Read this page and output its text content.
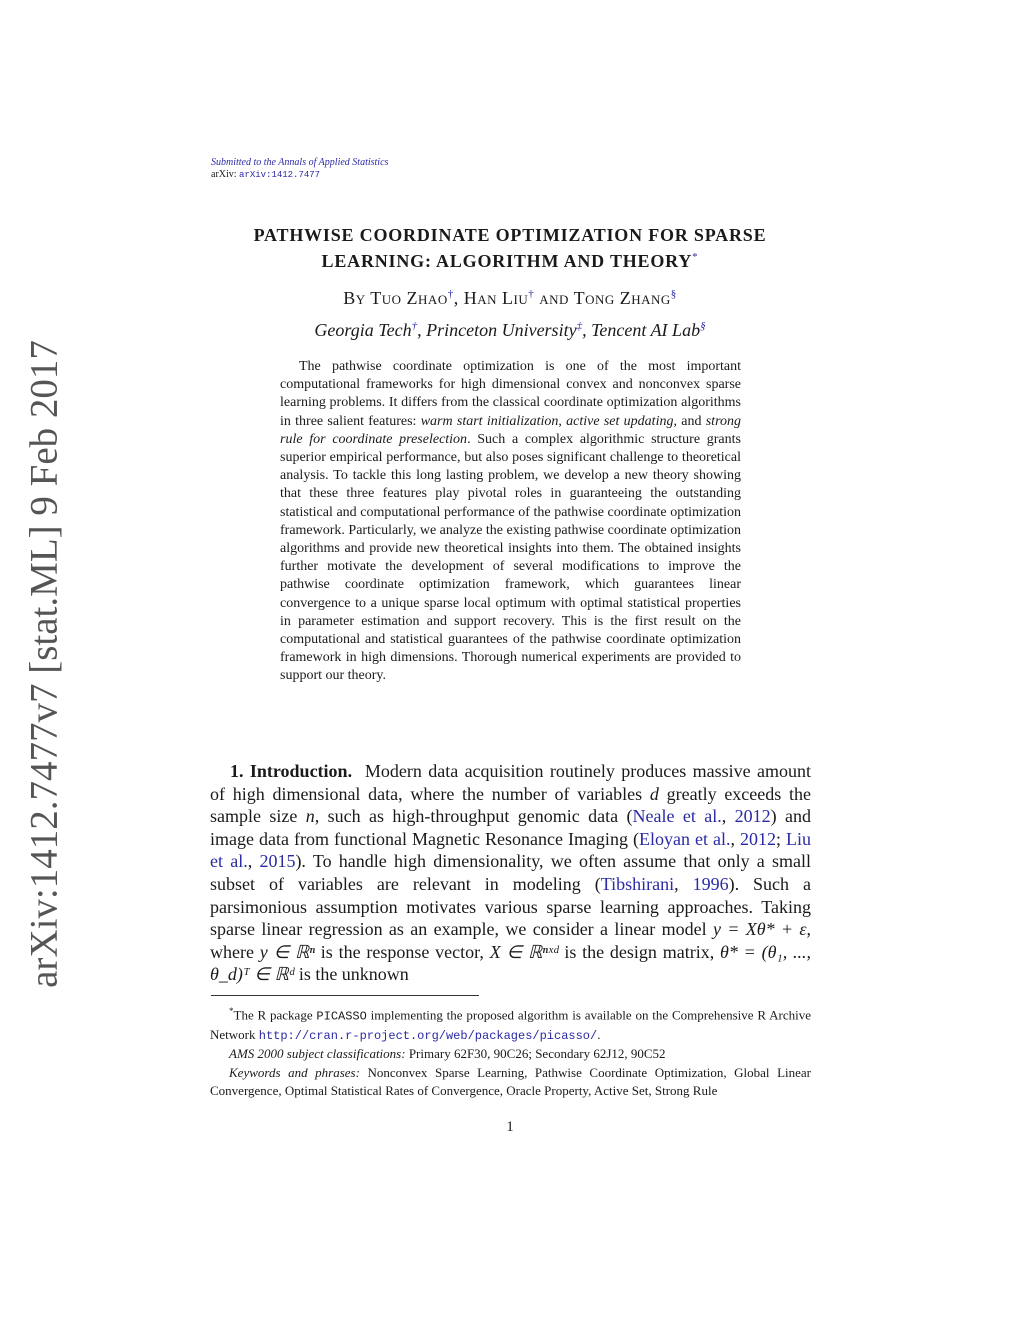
arXiv:1412.7477v7 [stat.ML] 9 Feb 2017
Submitted to the Annals of Applied Statistics
arXiv: arXiv:1412.7477
PATHWISE COORDINATE OPTIMIZATION FOR SPARSE
LEARNING: ALGORITHM AND THEORY*
By Tuo Zhao†, Han Liu† and Tong Zhang§
Georgia Tech†, Princeton University‡, Tencent AI Lab§

The pathwise coordinate optimization is one of the most important computational frameworks for high dimensional convex and nonconvex sparse learning problems. It differs from the classical coordinate optimization algorithms in three salient features: warm start initialization, active set updating, and strong rule for coordinate preselection. Such a complex algorithmic structure grants superior empirical performance, but also poses significant challenge to theoretical analysis. To tackle this long lasting problem, we develop a new theory showing that these three features play pivotal roles in guaranteeing the outstanding statistical and computational performance of the pathwise coordinate optimization framework. Particularly, we analyze the existing pathwise coordinate optimization algorithms and provide new theoretical insights into them. The obtained insights further motivate the development of several modifications to improve the pathwise coordinate optimization framework, which guarantees linear convergence to a unique sparse local optimum with optimal statistical properties in parameter estimation and support recovery. This is the first result on the computational and statistical guarantees of the pathwise coordinate optimization framework in high dimensions. Thorough numerical experiments are provided to support our theory.

1. Introduction. Modern data acquisition routinely produces massive amount of high dimensional data, where the number of variables d greatly exceeds the sample size n, such as high-throughput genomic data (Neale et al., 2012) and image data from functional Magnetic Resonance Imaging (Eloyan et al., 2012; Liu et al., 2015). To handle high dimensionality, we often assume that only a small subset of variables are relevant in modeling (Tibshirani, 1996). Such a parsimonious assumption motivates various sparse learning approaches. Taking sparse linear regression as an example, we consider a linear model y = Xθ* + ε, where y ∈ ℝⁿ is the response vector, X ∈ ℝⁿˣᵈ is the design matrix, θ* = (θ₁, ..., θ_d)ᵀ ∈ ℝᵈ is the unknown

*The R package PICASSO implementing the proposed algorithm is available on the Comprehensive R Archive Network http://cran.r-project.org/web/packages/picasso/.

AMS 2000 subject classifications: Primary 62F30, 90C26; Secondary 62J12, 90C52

Keywords and phrases: Nonconvex Sparse Learning, Pathwise Coordinate Optimization, Global Linear Convergence, Optimal Statistical Rates of Convergence, Oracle Property, Active Set, Strong Rule

1
